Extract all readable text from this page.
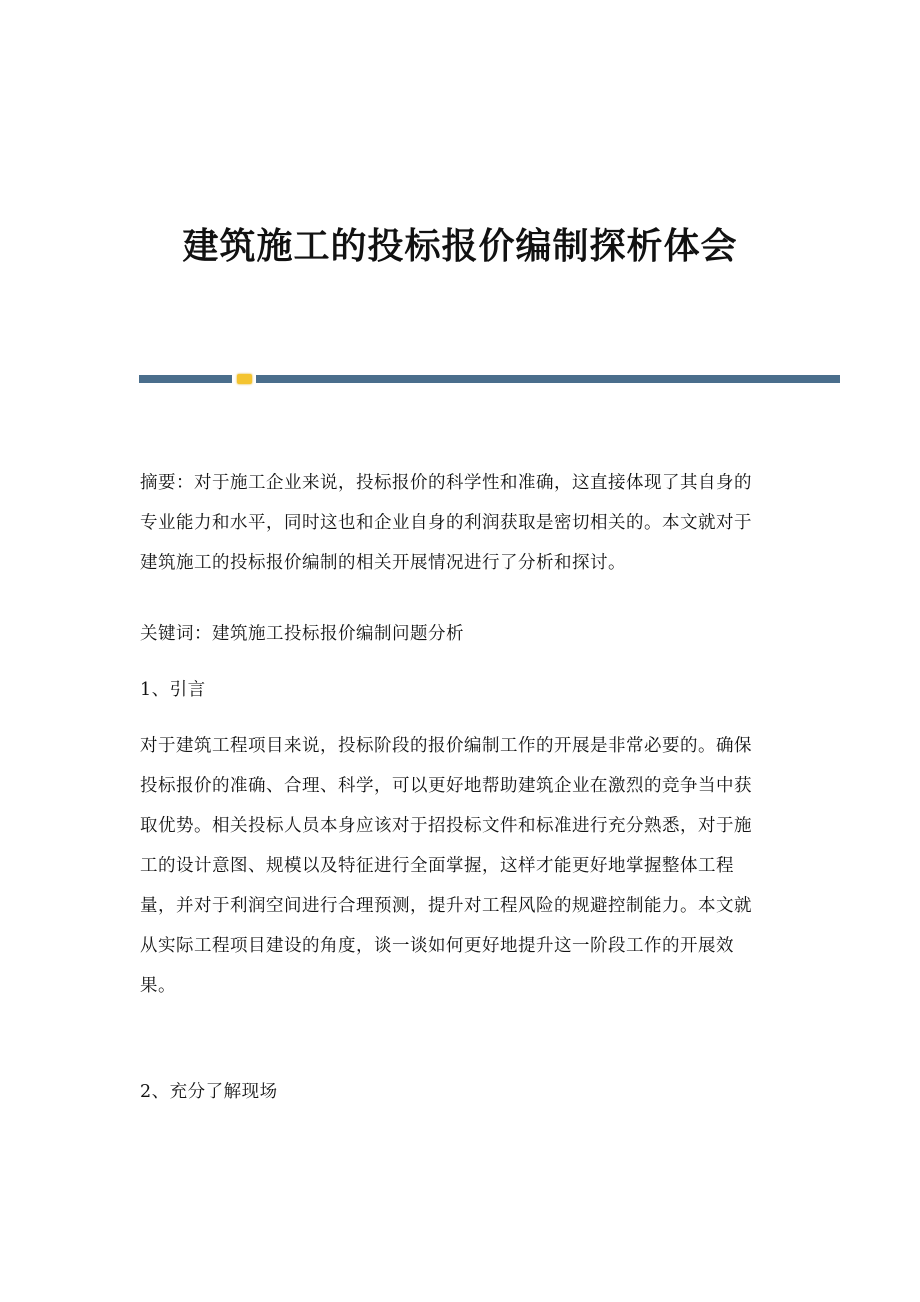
建筑施工的投标报价编制探析体会
摘要：对于施工企业来说，投标报价的科学性和准确，这直接体现了其自身的
专业能力和水平，同时这也和企业自身的利润获取是密切相关的。本文就对于
建筑施工的投标报价编制的相关开展情况进行了分析和探讨。
关键词：建筑施工投标报价编制问题分析
1、引言
对于建筑工程项目来说，投标阶段的报价编制工作的开展是非常必要的。确保
投标报价的准确、合理、科学，可以更好地帮助建筑企业在激烈的竞争当中获
取优势。相关投标人员本身应该对于招投标文件和标准进行充分熟悉，对于施
工的设计意图、规模以及特征进行全面掌握，这样才能更好地掌握整体工程
量，并对于利润空间进行合理预测，提升对工程风险的规避控制能力。本文就
从实际工程项目建设的角度，谈一谈如何更好地提升这一阶段工作的开展效
果。
2、充分了解现场
